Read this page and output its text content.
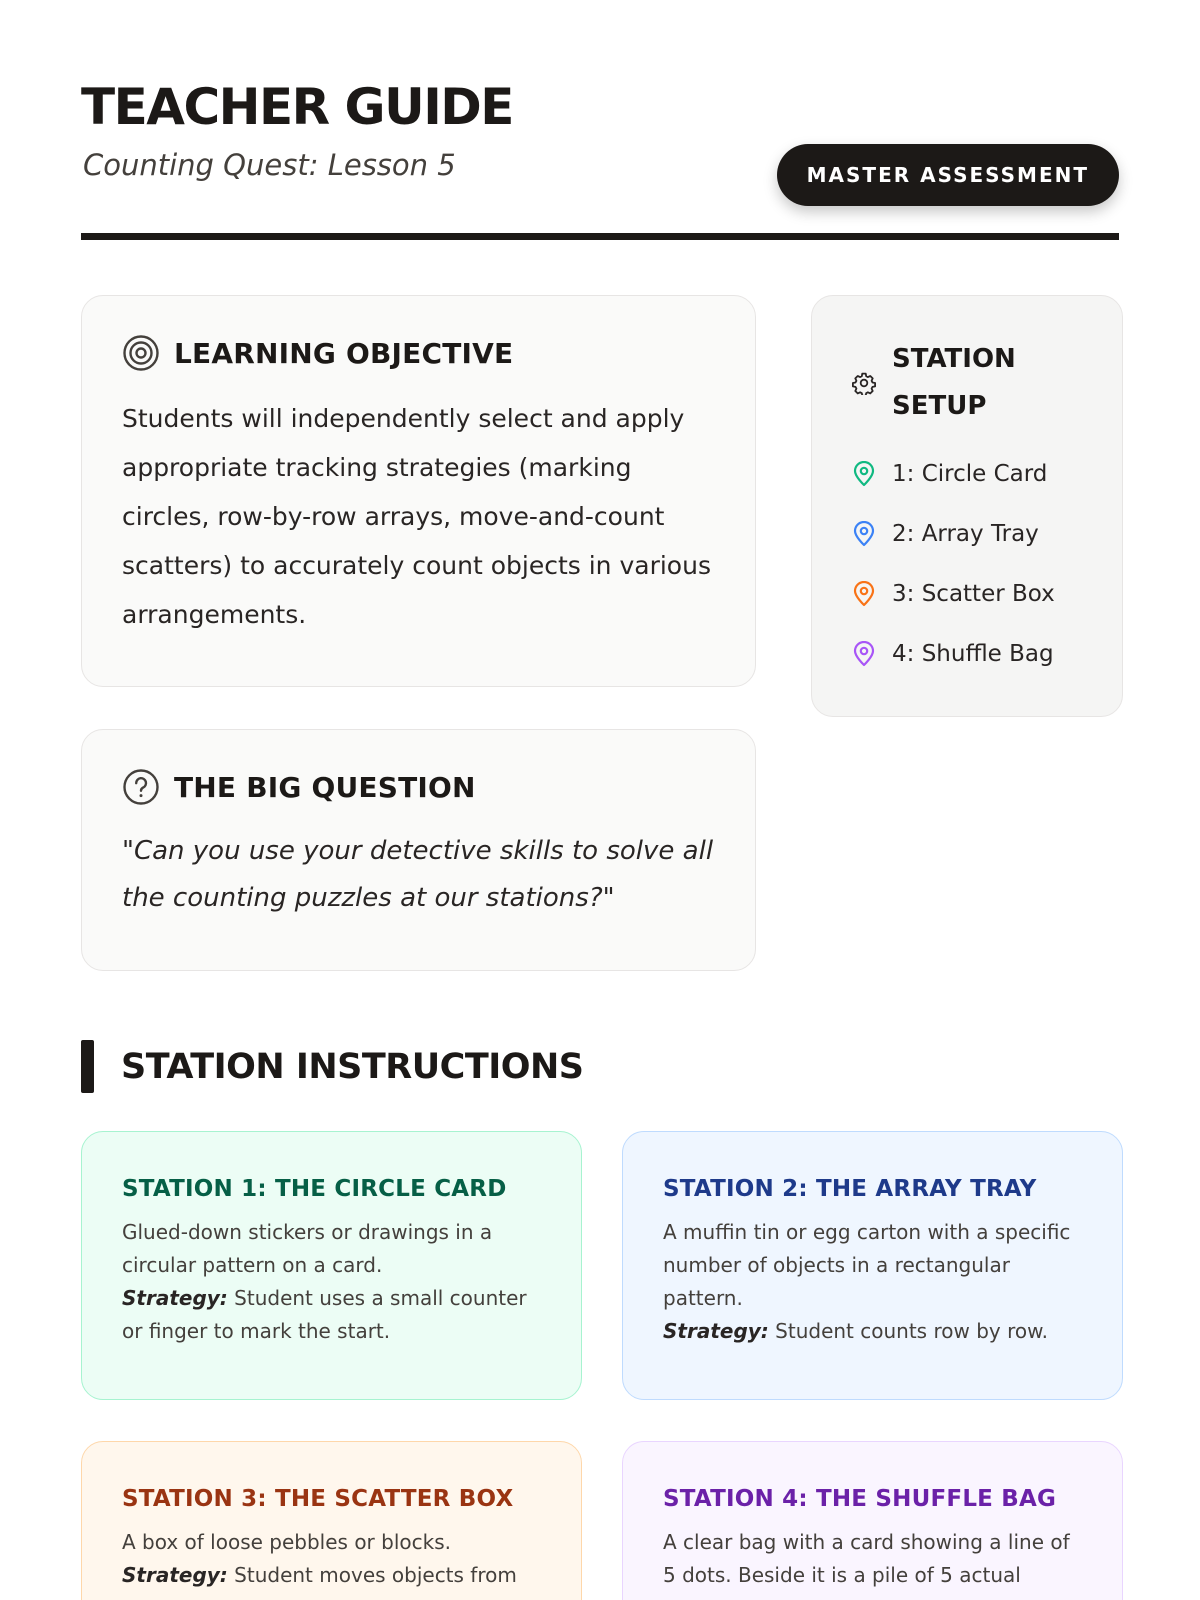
TEACHER GUIDE
Counting Quest: Lesson 5	MASTER ASSESSMENT
LEARNING OBJECTIVE

Students will independently select and apply appropriate tracking strategies (marking circles, row-by-row arrays, move-and-count scatters) to accurately count objects in various arrangements.

THE BIG QUESTION

"Can you use your detective skills to solve all the counting puzzles at our stations?"

STATION SETUP
1: Circle Card
2: Array Tray
3: Scatter Box
4: Shuffle Bag
STATION INSTRUCTIONS
STATION 1: THE CIRCLE CARD
Glued-down stickers or drawings in a circular pattern on a card.
Strategy: Student uses a small counter or finger to mark the start.
STATION 2: THE ARRAY TRAY
A muffin tin or egg carton with a specific number of objects in a rectangular pattern.
Strategy: Student counts row by row.
STATION 3: THE SCATTER BOX
A box of loose pebbles or blocks.
Strategy: Student moves objects from
STATION 4: THE SHUFFLE BAG
A clear bag with a card showing a line of 5 dots. Beside it is a pile of 5 actual
